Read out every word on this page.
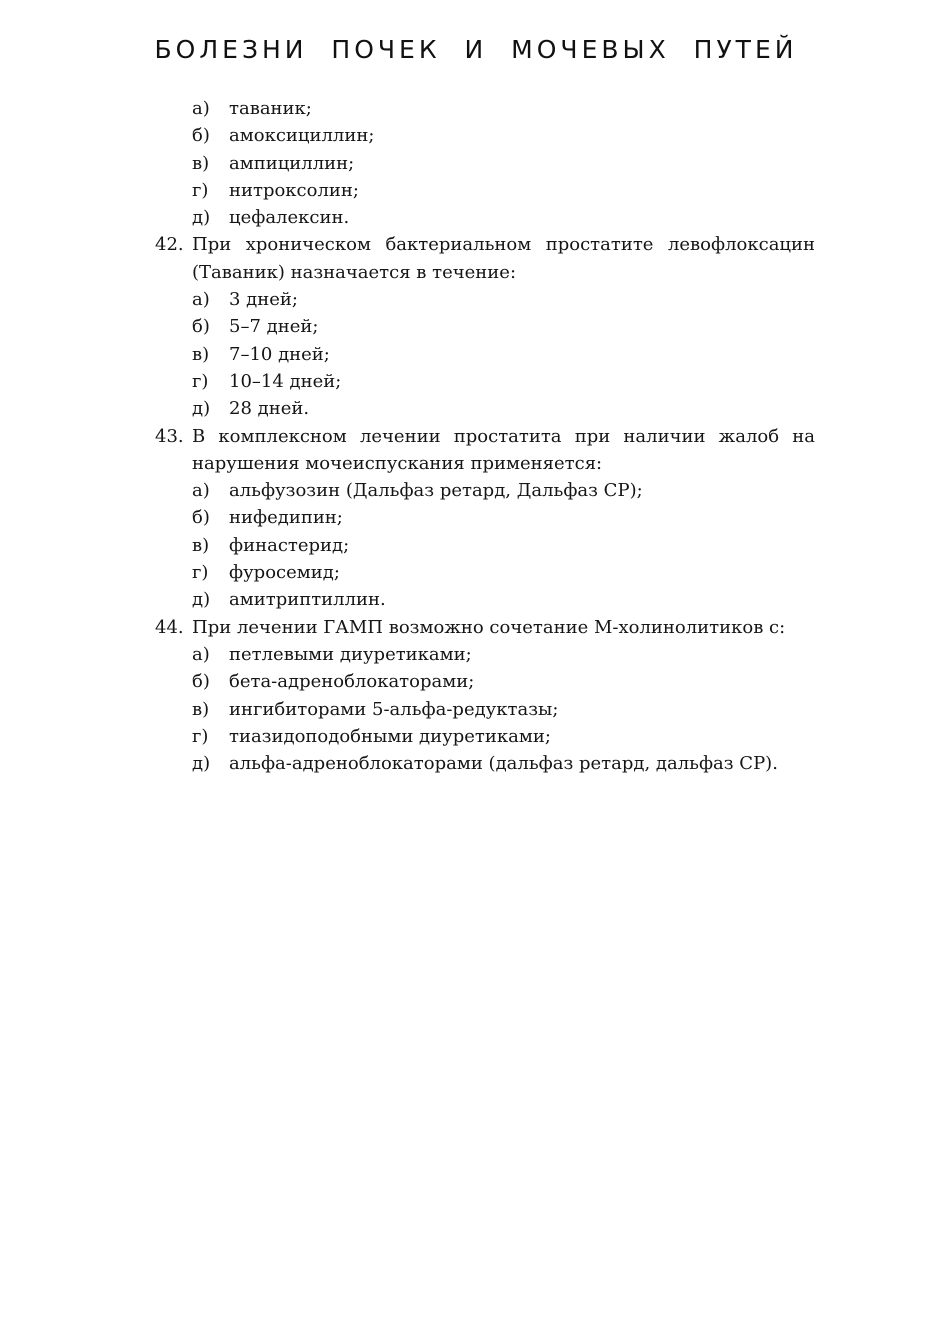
БОЛЕЗНИ ПОЧЕК И МОЧЕВЫХ ПУТЕЙ
а) таваник;
б) амоксициллин;
в) ампициллин;
г) нитроксолин;
д) цефалексин.
42. При хроническом бактериальном простатите левофлоксацин (Таваник) назначается в течение:
а) 3 дней;
б) 5–7 дней;
в) 7–10 дней;
г) 10–14 дней;
д) 28 дней.
43. В комплексном лечении простатита при наличии жалоб на нарушения мочеиспускания применяется:
а) альфузозин (Дальфаз ретард, Дальфаз СР);
б) нифедипин;
в) финастерид;
г) фуросемид;
д) амитриптиллин.
44. При лечении ГАМП возможно сочетание М-холинолитиков с:
а) петлевыми диуретиками;
б) бета-адреноблокаторами;
в) ингибиторами 5-альфа-редуктазы;
г) тиазидоподобными диуретиками;
д) альфа-адреноблокаторами (дальфаз ретард, дальфаз СР).
